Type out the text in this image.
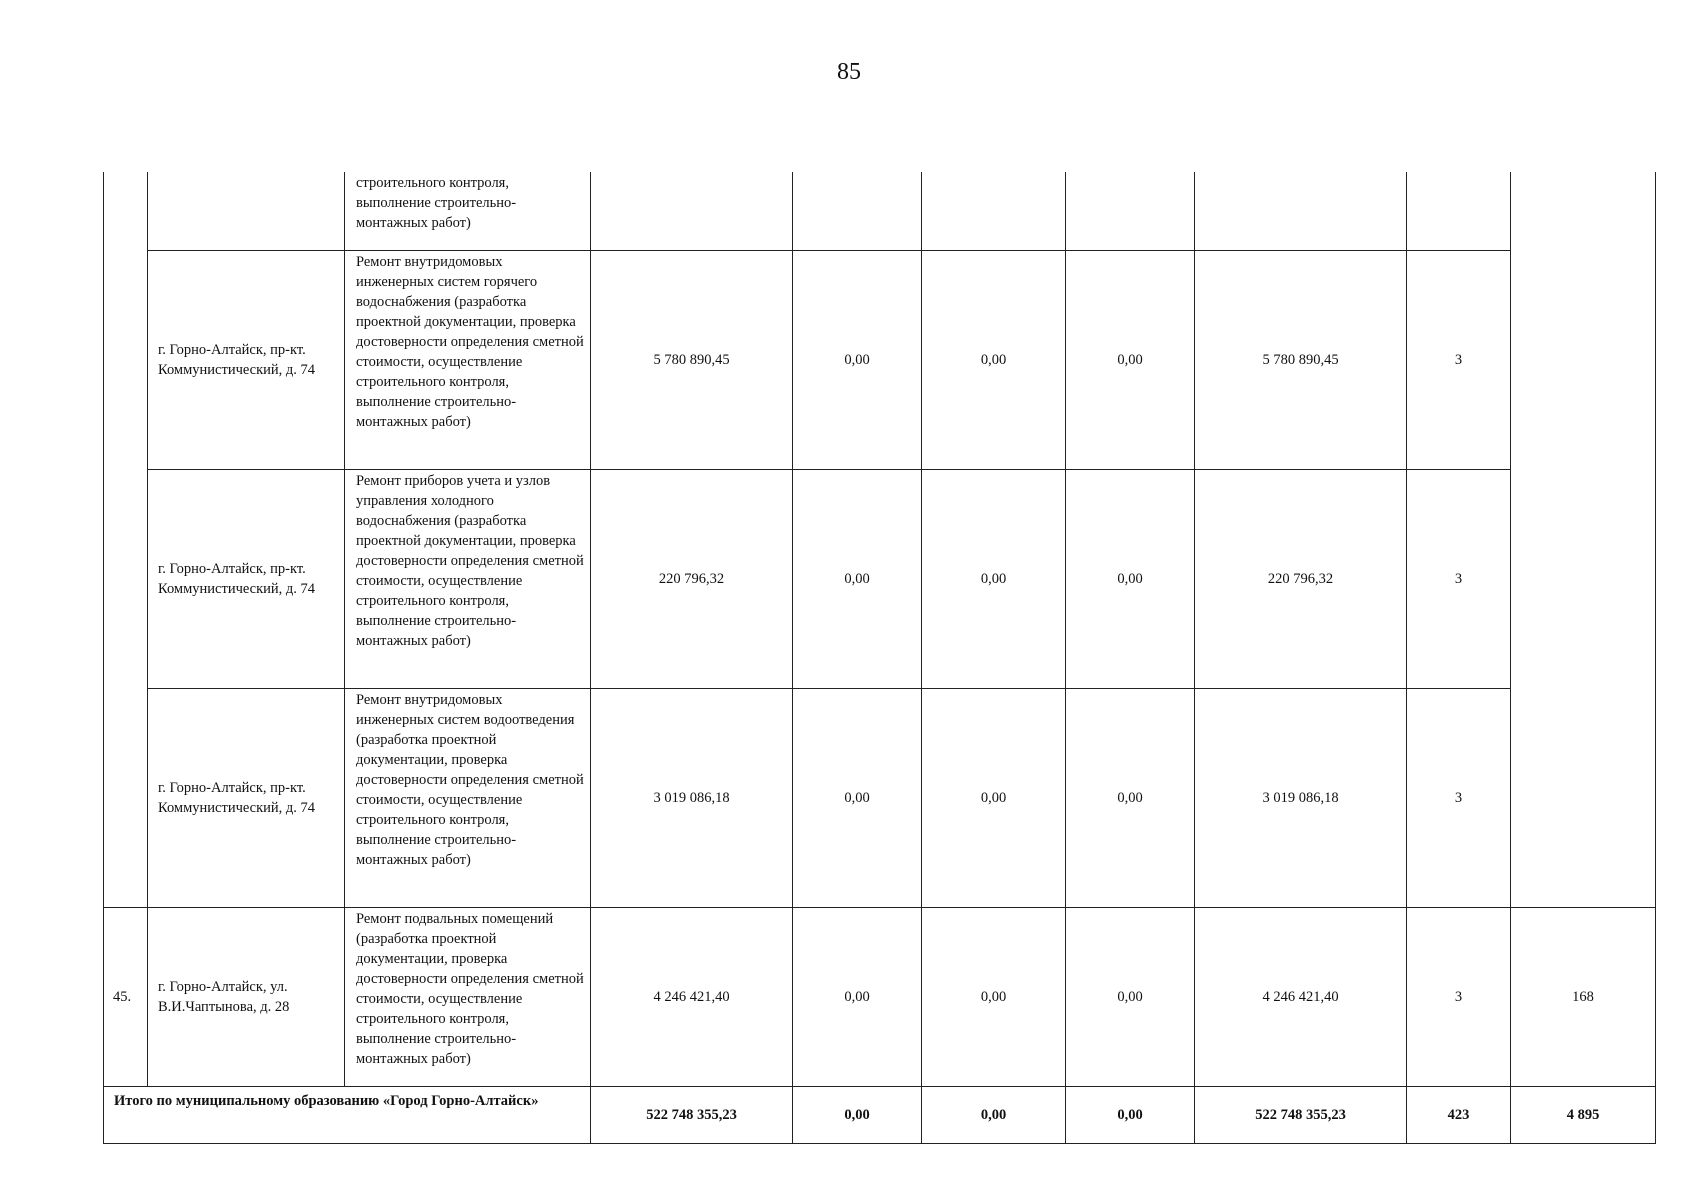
85
		строительного контроля, выполнение строительно-монтажных работ)							
	г. Горно-Алтайск, пр-кт. Коммунистический, д. 74	Ремонт внутридомовых инженерных систем горячего водоснабжения (разработка проектной документации, проверка достоверности определения сметной стоимости, осуществление строительного контроля, выполнение строительно-монтажных работ)	5 780 890,45	0,00	0,00	0,00	5 780 890,45	3	
	г. Горно-Алтайск, пр-кт. Коммунистический, д. 74	Ремонт приборов учета и узлов управления холодного водоснабжения (разработка проектной документации, проверка достоверности определения сметной стоимости, осуществление строительного контроля, выполнение строительно-монтажных работ)	220 796,32	0,00	0,00	0,00	220 796,32	3	
	г. Горно-Алтайск, пр-кт. Коммунистический, д. 74	Ремонт внутридомовых инженерных систем водоотведения (разработка проектной документации, проверка достоверности определения сметной стоимости, осуществление строительного контроля, выполнение строительно-монтажных работ)	3 019 086,18	0,00	0,00	0,00	3 019 086,18	3	
45.	г. Горно-Алтайск, ул. В.И.Чаптынова, д. 28	Ремонт подвальных помещений (разработка проектной документации, проверка достоверности определения сметной стоимости, осуществление строительного контроля, выполнение строительно-монтажных работ)	4 246 421,40	0,00	0,00	0,00	4 246 421,40	3	168
Итого по муниципальному образованию «Город Горно-Алтайск»			522 748 355,23	0,00	0,00	0,00	522 748 355,23	423	4 895
